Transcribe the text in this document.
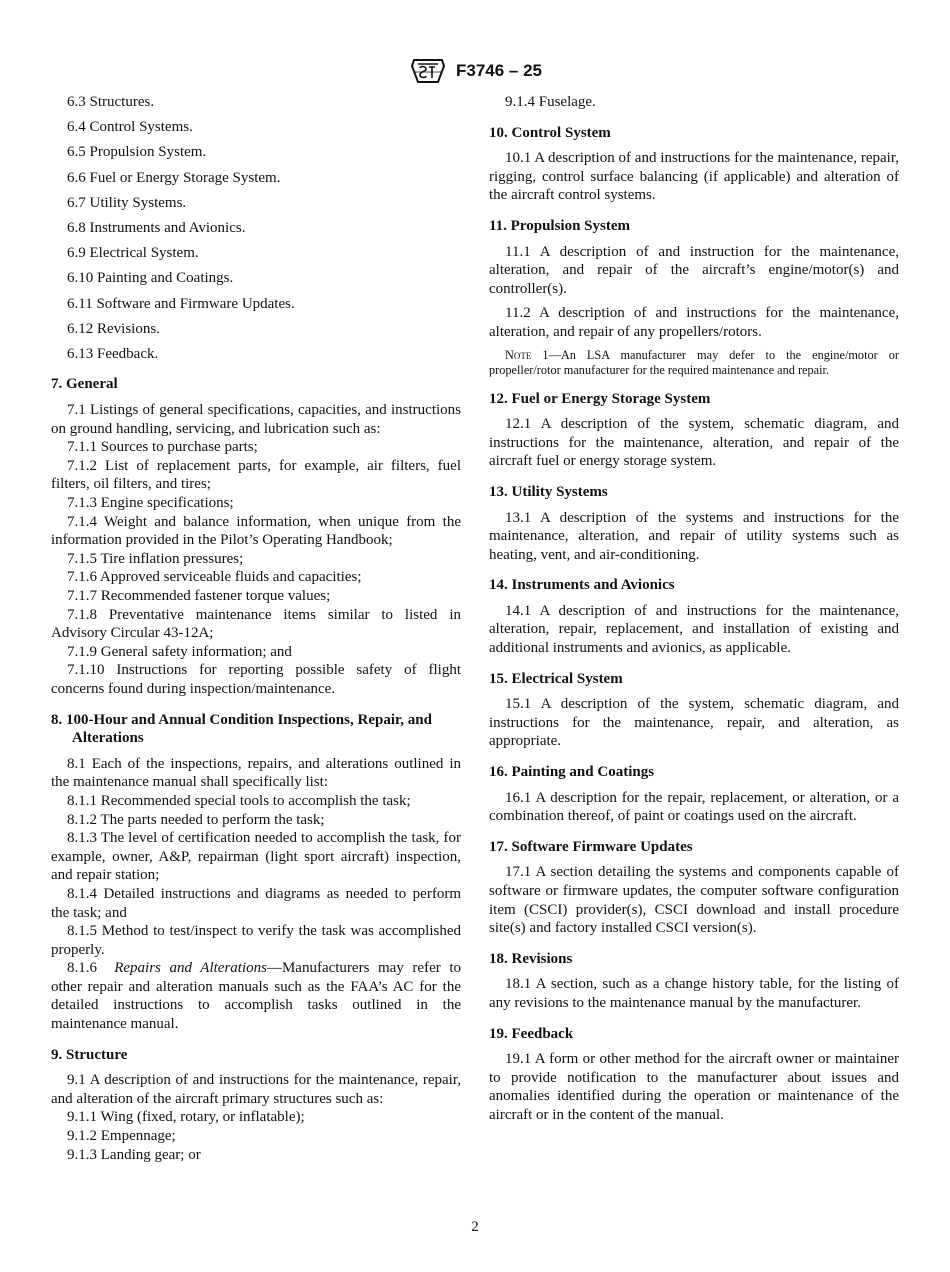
F3746 – 25
6.3 Structures.
6.4 Control Systems.
6.5 Propulsion System.
6.6 Fuel or Energy Storage System.
6.7 Utility Systems.
6.8 Instruments and Avionics.
6.9 Electrical System.
6.10 Painting and Coatings.
6.11 Software and Firmware Updates.
6.12 Revisions.
6.13 Feedback.
7. General

7.1 Listings of general specifications, capacities, and instructions on ground handling, servicing, and lubrication such as:

7.1.1 Sources to purchase parts;

7.1.2 List of replacement parts, for example, air filters, fuel filters, oil filters, and tires;

7.1.3 Engine specifications;

7.1.4 Weight and balance information, when unique from the information provided in the Pilot’s Operating Handbook;

7.1.5 Tire inflation pressures;

7.1.6 Approved serviceable fluids and capacities;

7.1.7 Recommended fastener torque values;

7.1.8 Preventative maintenance items similar to listed in Advisory Circular 43-12A;

7.1.9 General safety information; and

7.1.10 Instructions for reporting possible safety of flight concerns found during inspection/maintenance.

8. 100-Hour and Annual Condition Inspections, Repair, and Alterations

8.1 Each of the inspections, repairs, and alterations outlined in the maintenance manual shall specifically list:

8.1.1 Recommended special tools to accomplish the task;

8.1.2 The parts needed to perform the task;

8.1.3 The level of certification needed to accomplish the task, for example, owner, A&P, repairman (light sport aircraft) inspection, and repair station;

8.1.4 Detailed instructions and diagrams as needed to perform the task; and

8.1.5 Method to test/inspect to verify the task was accomplished properly.

8.1.6 Repairs and Alterations—Manufacturers may refer to other repair and alteration manuals such as the FAA’s AC for the detailed instructions to accomplish tasks outlined in the maintenance manual.

9. Structure

9.1 A description of and instructions for the maintenance, repair, and alteration of the aircraft primary structures such as:

9.1.1 Wing (fixed, rotary, or inflatable);

9.1.2 Empennage;

9.1.3 Landing gear; or

9.1.4 Fuselage.

10. Control System

10.1 A description of and instructions for the maintenance, repair, rigging, control surface balancing (if applicable) and alteration of the aircraft control systems.

11. Propulsion System

11.1 A description of and instruction for the maintenance, alteration, and repair of the aircraft’s engine/motor(s) and controller(s).

11.2 A description of and instructions for the maintenance, alteration, and repair of any propellers/rotors.

Note 1—An LSA manufacturer may defer to the engine/motor or propeller/rotor manufacturer for the required maintenance and repair.

12. Fuel or Energy Storage System

12.1 A description of the system, schematic diagram, and instructions for the maintenance, alteration, and repair of the aircraft fuel or energy storage system.

13. Utility Systems

13.1 A description of the systems and instructions for the maintenance, alteration, and repair of utility systems such as heating, vent, and air-conditioning.

14. Instruments and Avionics

14.1 A description of and instructions for the maintenance, alteration, repair, replacement, and installation of existing and additional instruments and avionics, as applicable.

15. Electrical System

15.1 A description of the system, schematic diagram, and instructions for the maintenance, repair, and alteration, as appropriate.

16. Painting and Coatings

16.1 A description for the repair, replacement, or alteration, or a combination thereof, of paint or coatings used on the aircraft.

17. Software Firmware Updates

17.1 A section detailing the systems and components capable of software or firmware updates, the computer software configuration item (CSCI) provider(s), CSCI download and install procedure site(s) and factory installed CSCI version(s).

18. Revisions

18.1 A section, such as a change history table, for the listing of any revisions to the maintenance manual by the manufacturer.

19. Feedback

19.1 A form or other method for the aircraft owner or maintainer to provide notification to the manufacturer about issues and anomalies identified during the operation or maintenance of the aircraft or in the content of the manual.

2
